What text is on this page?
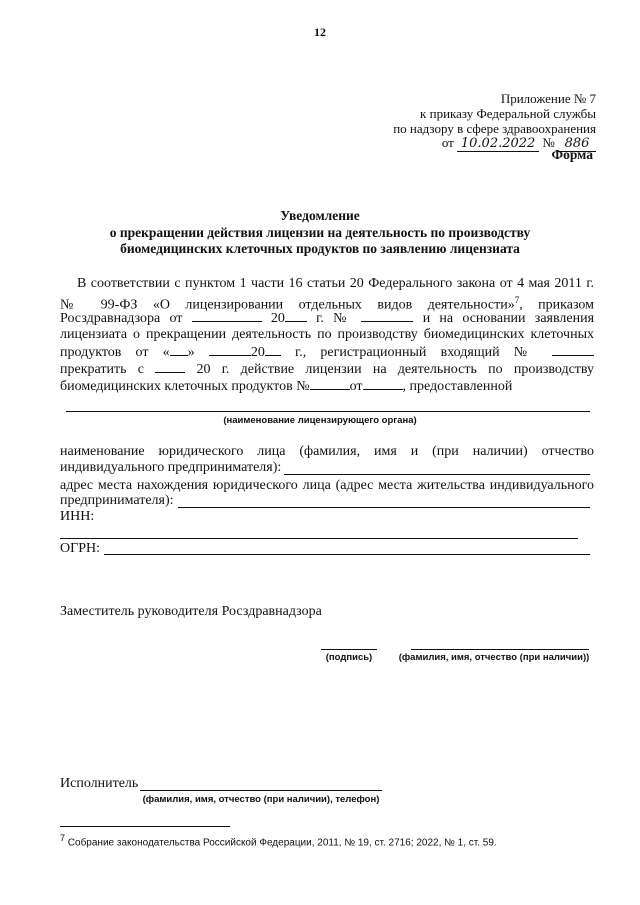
12
Приложение № 7
к приказу Федеральной службы
по надзору в сфере здравоохранения
от 10.02.2022 № 886
Форма
Уведомление
о прекращении действия лицензии на деятельность по производству
биомедицинских клеточных продуктов по заявлению лицензиата
В соответствии с пунктом 1 части 16 статьи 20 Федерального закона от 4 мая 2011 г.
№ 99-ФЗ «О лицензировании отдельных видов деятельности»$^7$, приказом
Росздравнадзора от	20 г. №	и на основании заявления
лицензиата о прекращении деятельность по производству биомедицинских клеточных
продуктов от « »	20 г., регистрационный входящий №
прекратить с	20 г. действие лицензии на деятельность по производству
биомедицинских клеточных продуктов №	от	, предоставленной
(наименование лицензирующего органа)
наименование юридического лица (фамилия, имя и (при наличии) отчество
индивидуального предпринимателя):
адрес места нахождения юридического лица (адрес места жительства индивидуального
предпринимателя):
ИНН:
ОГРН:
Заместитель руководителя Росздравнадзора
(подпись)	(фамилия, имя, отчество (при наличии))
Исполнитель
(фамилия, имя, отчество (при наличии), телефон)
$^7$ Собрание законодательства Российской Федерации, 2011, № 19, ст. 2716; 2022, № 1, ст. 59.
